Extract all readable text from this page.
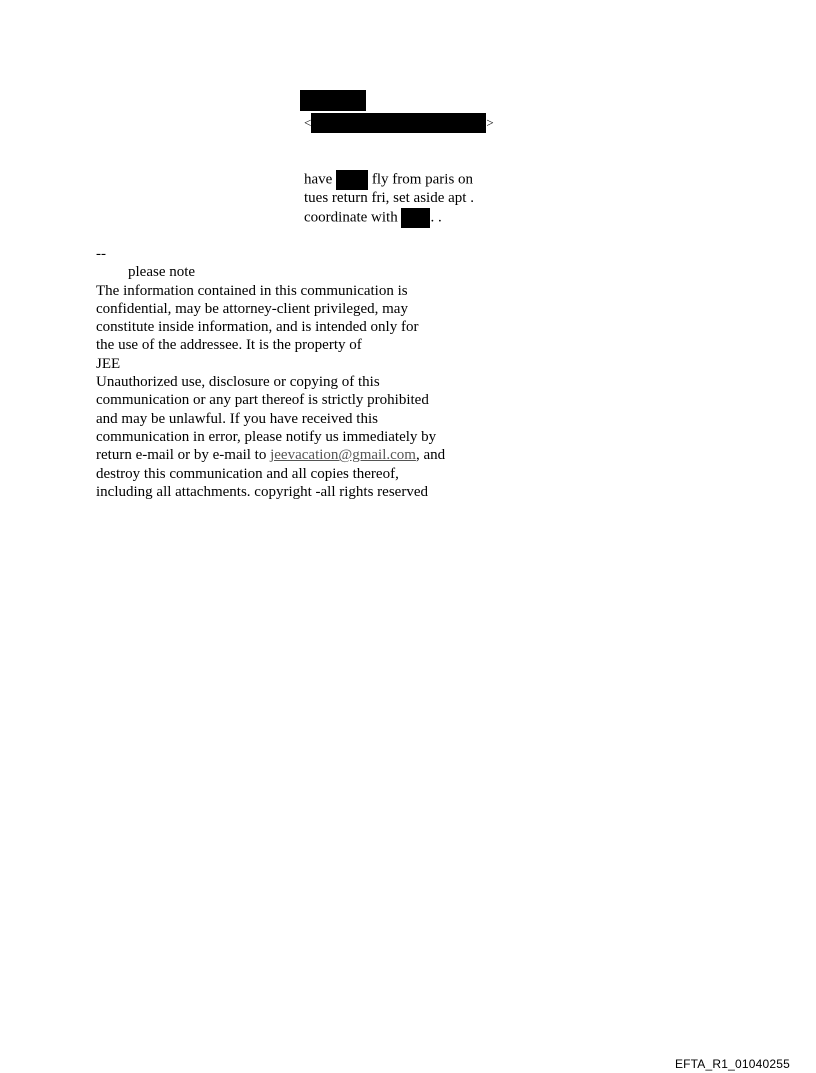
<	>
have	fly from paris on
tues return fri, set aside apt .
coordinate with . .
--
please note
The information contained in this communication is
confidential, may be attorney-client privileged, may
constitute inside information, and is intended only for
the use of the addressee. It is the property of
JEE
Unauthorized use, disclosure or copying of this
communication or any part thereof is strictly prohibited
and may be unlawful. If you have received this
communication in error, please notify us immediately by
return e-mail or by e-mail to jeevacation@gmail.com, and
destroy this communication and all copies thereof,
including all attachments. copyright -all rights reserved
EFTA_R1_01040255
